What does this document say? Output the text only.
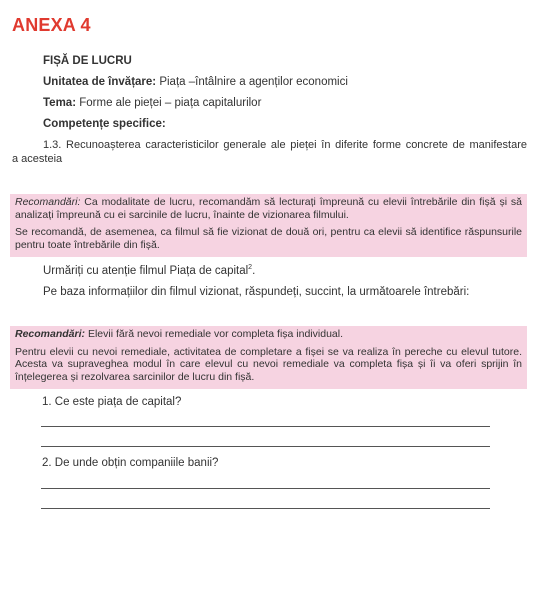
ANEXA 4
FIȘĂ DE LUCRU
Unitatea de învățare: Piața –întâlnire a agenților economici
Tema: Forme ale pieței – piața capitalurilor
Competențe specifice:
1.3. Recunoașterea caracteristicilor generale ale pieței în diferite forme concrete de manifestare
a acesteia

Recomandări: Ca modalitate de lucru, recomandăm să lecturați împreună cu elevii întrebările din fișă și să analizați împreună cu ei sarcinile de lucru, înainte de vizionarea filmului.

Se recomandă, de asemenea, ca filmul să fie vizionat de două ori, pentru ca elevii să identifice răspunsurile pentru toate întrebările din fișă.

Urmăriți cu atenție filmul Piața de capital$^2$.
Pe baza informațiilor din filmul vizionat, răspundeți, succint, la următoarele întrebări:

Recomandări: Elevii fără nevoi remediale vor completa fișa individual.

Pentru elevii cu nevoi remediale, activitatea de completare a fișei se va realiza în pereche cu elevul tutore. Acesta va supraveghea modul în care elevul cu nevoi remediale va completa fișa și îi va oferi sprijin în înțelegerea și rezolvarea sarcinilor de lucru din fișă.

1. Ce este piața de capital?
2. De unde obțin companiile banii?
